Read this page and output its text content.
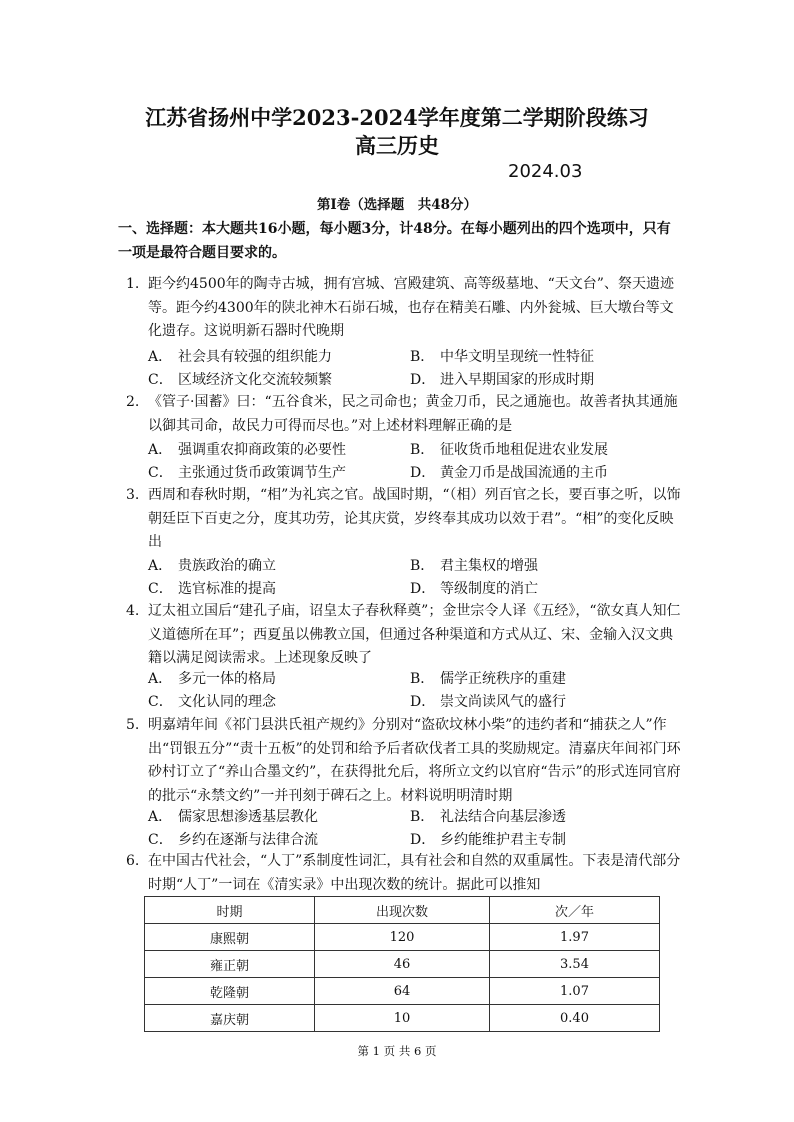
江苏省扬州中学2023-2024学年度第二学期阶段练习
高三历史
2024.03
第Ⅰ卷（选择题　共48分）
一、选择题：本大题共16小题，每小题3分，计48分。在每小题列出的四个选项中，只有一项是最符合题目要求的。
1. 距今约4500年的陶寺古城，拥有宫城、宫殿建筑、高等级墓地、“天文台”、祭天遗迹等。距今约4300年的陕北神木石峁石城，也存在精美石雕、内外瓮城、巨大墩台等文化遗存。这说明新石器时代晚期
A． 社会具有较强的组织能力	B． 中华文明呈现统一性特征
C． 区域经济文化交流较频繁	D． 进入早期国家的形成时期
2. 《管子·国蓄》曰：“五谷食米，民之司命也；黄金刀币，民之通施也。故善者执其通施以御其司命，故民力可得而尽也。”对上述材料理解正确的是
A． 强调重农抑商政策的必要性	B． 征收货币地租促进农业发展
C． 主张通过货币政策调节生产	D． 黄金刀币是战国流通的主币
3. 西周和春秋时期，“相”为礼宾之官。战国时期，“（相）列百官之长，要百事之听，以饰朝廷臣下百吏之分，度其功劳，论其庆赏，岁终奉其成功以效于君”。“相”的变化反映出
A． 贵族政治的确立	B． 君主集权的增强
C． 选官标准的提高	D． 等级制度的消亡
4. 辽太祖立国后“建孔子庙，诏皇太子春秋释奠”；金世宗令人译《五经》，“欲女真人知仁义道德所在耳”；西夏虽以佛教立国，但通过各种渠道和方式从辽、宋、金输入汉文典籍以满足阅读需求。上述现象反映了
A． 多元一体的格局	B． 儒学正统秩序的重建
C． 文化认同的理念	D． 崇文尚读风气的盛行
5. 明嘉靖年间《祁门县洪氏祖产规约》分别对“盗砍坟林小柴”的违约者和“捕获之人”作出“罚银五分”“责十五板”的处罚和给予后者砍伐者工具的奖励规定。清嘉庆年间祁门环砂村订立了“养山合墨文约”，在获得批允后，将所立文约以官府“告示”的形式连同官府的批示“永禁文约”一并刊刻于碑石之上。材料说明明清时期
A． 儒家思想渗透基层教化	B． 礼法结合向基层渗透
C． 乡约在逐渐与法律合流	D． 乡约能维护君主专制
6. 在中国古代社会，“人丁”系制度性词汇，具有社会和自然的双重属性。下表是清代部分时期“人丁”一词在《清实录》中出现次数的统计。据此可以推知
时期	出现次数	次／年
康熙朝	120	1.97
雍正朝	46	3.54
乾隆朝	64	1.07
嘉庆朝	10	0.40
第 1 页 共 6 页
